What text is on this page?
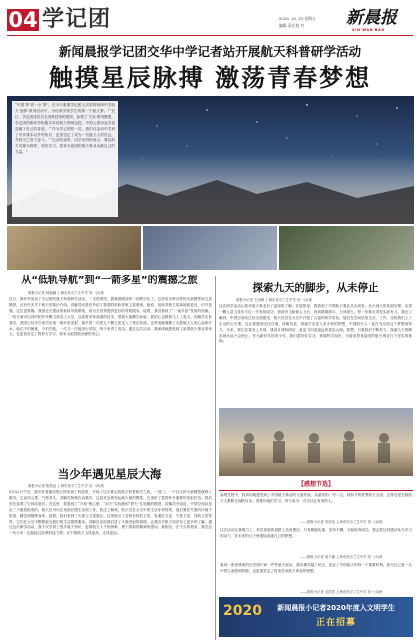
04 学记团	2020. 10. 23 星期五
编辑 责任校 对 新晨报
XIN WAN BAO
新闻晨报学记团交华中学记者站开展航天科普研学活动
触摸星辰脉搏 激荡青春梦想
“中国‘梦’的一小‘梦’，在今天重要学记团人次的青科研中学航天‘逐梦’系列活动中，为培养学校学生的第一个航天梦。”“近日，学记团成员们走进科技馆的展馆，参观了‘天宫’系列模型，学记团的新同学积极寻求向航天领域迈进。中国人将用双手创造属于自己的奇迹。”“作为学记团的一员，我们在活动中学到了许多课本以外的知识，更加坚定了成为一名航天人的信念，并将为之努力奋斗。”“活动结束时，同学们纷纷表示，要以航天英雄为榜样，刻苦学习，将来为祖国的航天事业贡献自己的力量。”
从“低轨导航”到“一箭多星”的震撼之旅
晨报小记者 韩瑞涵 上海市民办兰生中学 初一(2)班
近日，我有幸参加了学记团的航天科普研学活动。一走进展馆，我就被眼前的一切吸引住了。这里有各种各样的火箭模型和卫星模型，还有许多关于航天的知识介绍。讲解员向我们介绍了我国的低轨导航卫星系统。她说，低轨导航卫星离地面更近，信号更强，定位更准确。我国正在建设的低轨导航系统，将为全世界提供更好的导航服务。接着，我们看到了“一箭多星”发射的视频。一枚火箭可以同时把许多颗卫星送上太空，这需要非常高超的技术。看着火箭腾空而起，我的心也跟着飞上了蓝天。讲解员告诉我们，我国已经多次成功实现一箭多星发射，最多的一次把几十颗卫星送入了预定轨道。这些成就凝聚了无数航天人的心血和汗水。他们不怕困难，不怕失败，一次又一次地进行试验，终于取得了成功。通过这次活动，我深深地感受到了祖国航天事业的伟大，也更加坚定了我努力学习、将来为祖国做贡献的决心。
探索九天的脚步，从未停止
晨报小记者 王雨桐 上海市民办兰生中学 初一(1)班
这次研学活动让我对航天事业有了更深的了解。在展馆里，我看到了中国航天事业从无到有、从小到大的发展历程。从第一颗人造卫星东方红一号发射成功，到神舟飞船载人飞行，再到嫦娥探月、天问探火，每一步都走得坚实而有力。我还了解到，中国空间站已经全面建成，航天员们在太空中开展了大量的科学实验。他们在空间站里生活、工作，还给我们上了生动的太空课。这让我感到无比自豪。讲解员说，探索宇宙是人类永恒的梦想，中国航天人一直在为实现这个梦想而努力。未来，我们还将登上月球，建设月球科研站，甚至飞向更遥远的星辰大海。我想，只要我们不断努力，探索九天的脚步就永远不会停止。作为新时代的青少年，我们要好好学习，掌握科学知识，为将来投身祖国的航天事业打下坚实的基础。
当少年遇见星辰大海
晨报小记者 陈思远 上海市民办兰生中学 初一(3)班
9月22日午后，我们怀着激动的心情来到了科技馆，开始了这次难忘的航天科普研学之旅。一进门，一个巨大的火箭模型就映入眼帘，它直冲云霄，气势非凡。讲解员阿姨告诉我们，这是长征系列运载火箭的模型，它承担了我国许多重要的发射任务。我们首先参观了空间站展区。在这里，我看到了“天和”核心舱、“问天”实验舱和“梦天”实验舱的模型。讲解员介绍说，中国空间站是由三个舱段组成的，航天员可以在里面长期生活和工作。我还了解到，航天员在太空中的生活非常特别，他们要在失重的环境下吃饭、睡觉和锻炼身体。接着，我们来到了火箭与卫星展区。这里展示了各种各样的卫星，有通信卫星、气象卫星、导航卫星等等。它们在太空中默默地为我们的生活提供服务。讲解员还给我们讲了火箭发射的原理，让我们对航天知识有了更多的了解。通过这次研学活动，我不仅学到了很多航天知识，更被航天人不怕困难、勇于探索的精神所感动。我相信，在不久的将来，我们这一代少年一定能接过前辈的接力棒，让中国航天飞得更高、走得更远。
【感想节选】
参观过程中，我真切地感受到了中国航天事业的飞速发展。从最初的一穷二白，到如今的世界航天大国，这背后是无数航天人默默无闻的付出。我要向他们学习，努力成为一名对社会有用的人。
——晨报小记者 李佳怡 上海市民办兰生中学 初一(2)班
这次活动让我明白了，科学探索的道路上没有捷径，只有脚踏实地、坚持不懈，才能取得成功。我会把这份感动化为学习的动力，在未来的日子里继续追逐自己的梦想。
——晨报小记者 周子涵 上海市民办兰生中学 初一(1)班
看到一张张珍贵的历史照片和一件件航天展品，我仿佛穿越了时空，见证了中国航天的每一个重要时刻。我为自己是一名中国人而感到骄傲，也更加坚定了将来投身航天事业的理想。
——晨报小记者 吴浩然 上海市民办兰生中学 初一(3)班
2020	新闻晨报小记者2020年度入文明学生
正在招募
